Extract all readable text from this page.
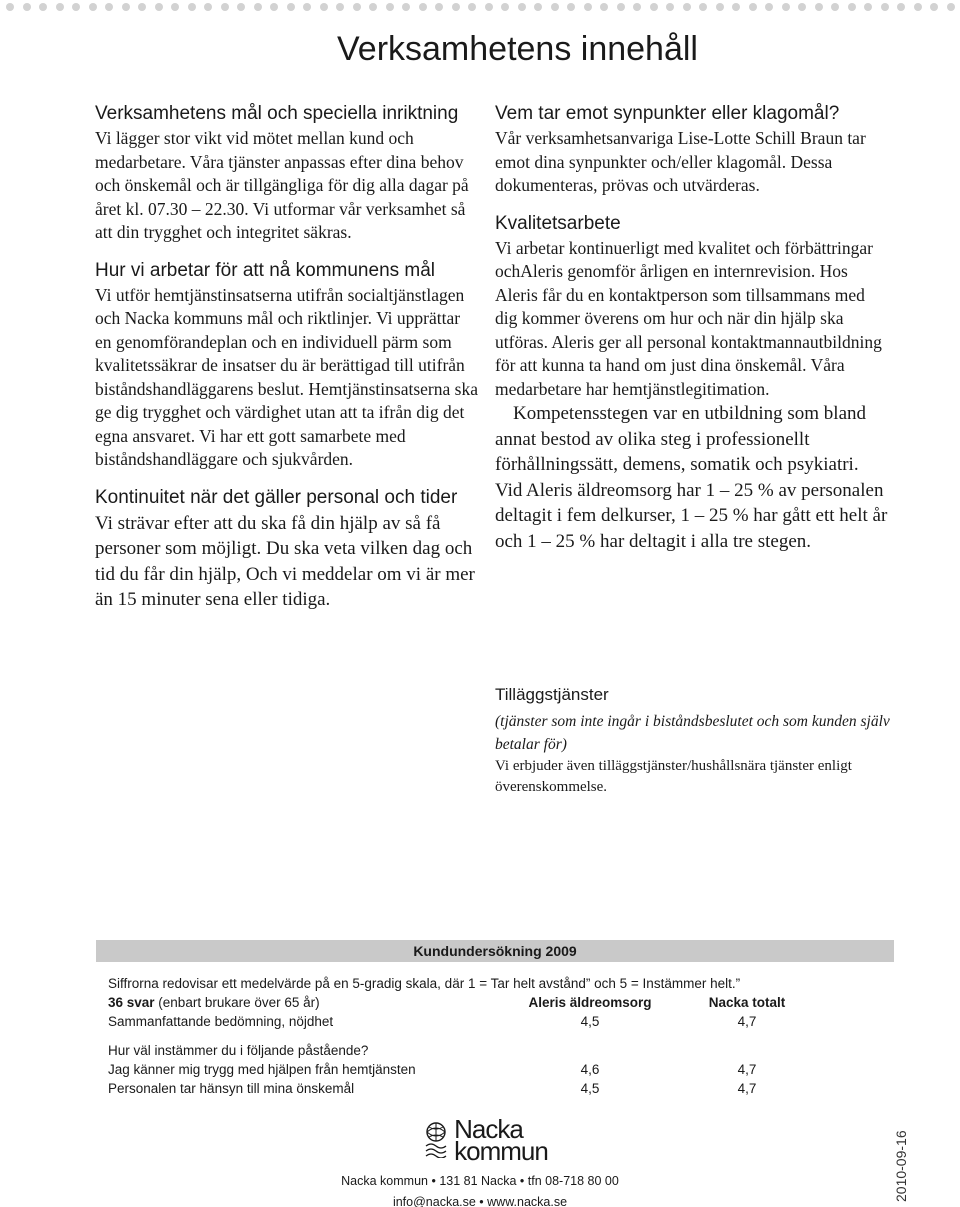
Verksamhetens innehåll
Verksamhetens mål och speciella inriktning

Vi lägger stor vikt vid mötet mellan kund och medarbetare. Våra tjänster anpassas efter dina behov och önskemål och är tillgängliga för dig alla dagar på året kl. 07.30 – 22.30. Vi utformar vår verksamhet så att din trygghet och integritet säkras.

Hur vi arbetar för att nå kommunens mål

Vi utför hemtjänstinsatserna utifrån socialtjänstlagen och Nacka kommuns mål och riktlinjer. Vi upprättar en genomförandeplan och en individuell pärm som kvalitetssäkrar de insatser du är berättigad till utifrån biståndshandläggarens beslut. Hemtjänstinsatserna ska ge dig trygghet och värdighet utan att ta ifrån dig det egna ansvaret. Vi har ett gott samarbete med biståndshandläggare och sjukvården.

Kontinuitet när det gäller personal och tider

Vi strävar efter att du ska få din hjälp av så få personer som möjligt. Du ska veta vilken dag och tid du får din hjälp, Och vi meddelar om vi är mer än 15 minuter sena eller tidiga.

Vem tar emot synpunkter eller klagomål?

Vår verksamhetsanvariga Lise-Lotte Schill Braun tar emot dina synpunkter och/eller klagomål. Dessa dokumenteras, prövas och utvärderas.

Kvalitetsarbete

Vi arbetar kontinuerligt med kvalitet och förbättringar ochAleris genomför årligen en internrevision. Hos Aleris får du en kontaktperson som tillsammans med dig kommer överens om hur och när din hjälp ska utföras. Aleris ger all personal kontaktmannautbildning för att kunna ta hand om just dina önskemål. Våra medarbetare har hemtjänstlegitimation.

Kompetensstegen var en utbildning som bland annat bestod av olika steg i professionellt förhållningssätt, demens, somatik och psykiatri. Vid Aleris äldreomsorg har 1 – 25 % av personalen deltagit i fem delkurser, 1 – 25 % har gått ett helt år och 1 – 25 % har deltagit i alla tre stegen.

Tilläggstjänster

(tjänster som inte ingår i biståndsbeslutet och som kunden själv betalar för)

Vi erbjuder även tilläggstjänster/hushållsnära tjänster enligt överenskommelse.

Kundundersökning 2009
Siffrorna redovisar ett medelvärde på en 5-gradig skala, där 1 = Tar helt avstånd” och 5 = Instämmer helt.”
36 svar (enbart brukare över 65 år)	Aleris äldreomsorg	Nacka totalt
Sammanfattande bedömning, nöjdhet	4,5	4,7
Hur väl instämmer du i följande påstående?
Jag känner mig trygg med hjälpen från hemtjänsten	4,6	4,7
Personalen tar hänsyn till mina önskemål	4,5	4,7
Nacka
kommun
Nacka kommun • 131 81 Nacka • tfn 08-718 80 00
info@nacka.se • www.nacka.se	2010-09-16
